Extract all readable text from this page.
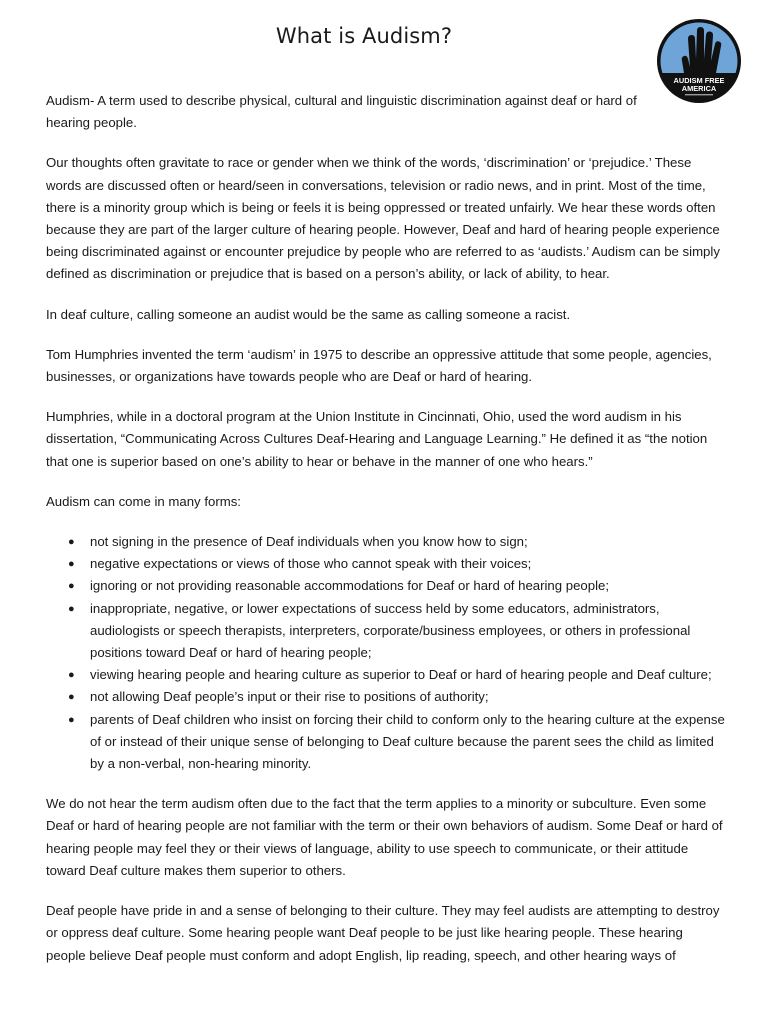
What is Audism?
AUDISM FREE
AMERICA

Audism- A term used to describe physical, cultural and linguistic discrimination against deaf or hard of hearing people.

Our thoughts often gravitate to race or gender when we think of the words, ‘discrimination’ or ‘prejudice.’ These words are discussed often or heard/seen in conversations, television or radio news, and in print. Most of the time, there is a minority group which is being or feels it is being oppressed or treated unfairly. We hear these words often because they are part of the larger culture of hearing people. However, Deaf and hard of hearing people experience being discriminated against or encounter prejudice by people who are referred to as ‘audists.’ Audism can be simply defined as discrimination or prejudice that is based on a person’s ability, or lack of ability, to hear.

In deaf culture, calling someone an audist would be the same as calling someone a racist.

Tom Humphries invented the term ‘audism’ in 1975 to describe an oppressive attitude that some people, agencies, businesses, or organizations have towards people who are Deaf or hard of hearing.

Humphries, while in a doctoral program at the Union Institute in Cincinnati, Ohio, used the word audism in his dissertation, “Communicating Across Cultures Deaf-Hearing and Language Learning.” He defined it as “the notion that one is superior based on one’s ability to hear or behave in the manner of one who hears.”

Audism can come in many forms:

● not signing in the presence of Deaf individuals when you know how to sign;
● negative expectations or views of those who cannot speak with their voices;
● ignoring or not providing reasonable accommodations for Deaf or hard of hearing people;
● inappropriate, negative, or lower expectations of success held by some educators, administrators, audiologists or speech therapists, interpreters, corporate/business employees, or others in professional positions toward Deaf or hard of hearing people;
● viewing hearing people and hearing culture as superior to Deaf or hard of hearing people and Deaf culture;
● not allowing Deaf people’s input or their rise to positions of authority;
● parents of Deaf children who insist on forcing their child to conform only to the hearing culture at the expense of or instead of their unique sense of belonging to Deaf culture because the parent sees the child as limited by a non-verbal, non-hearing minority.

We do not hear the term audism often due to the fact that the term applies to a minority or subculture. Even some Deaf or hard of hearing people are not familiar with the term or their own behaviors of audism. Some Deaf or hard of hearing people may feel they or their views of language, ability to use speech to communicate, or their attitude toward Deaf culture makes them superior to others.

Deaf people have pride in and a sense of belonging to their culture. They may feel audists are attempting to destroy or oppress deaf culture. Some hearing people want Deaf people to be just like hearing people. These hearing people believe Deaf people must conform and adopt English, lip reading, speech, and other hearing ways of
